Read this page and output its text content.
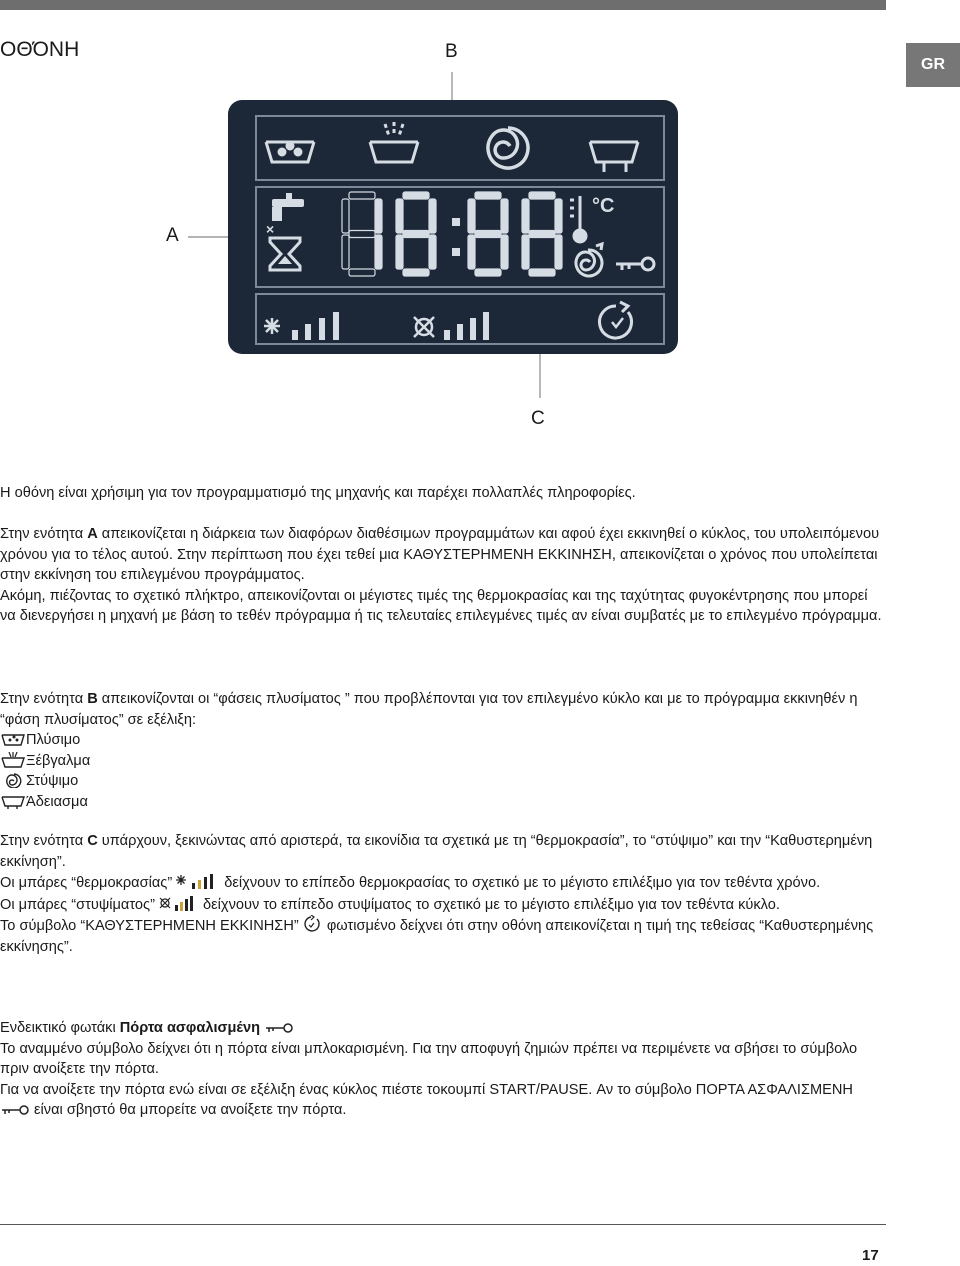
GR
ΟΘΌΝΗ
×
°C
B
A
C

Η οθόνη είναι χρήσιμη για τον προγραμματισμό της μηχανής και παρέχει πολλαπλές πληροφορίες.

Στην ενότητα A απεικονίζεται η διάρκεια των διαφόρων διαθέσιμων προγραμμάτων και αφού έχει εκκινηθεί ο κύκλος, του υπολειπόμενου χρόνου για το τέλος αυτού. Στην περίπτωση που έχει τεθεί μια ΚΑΘΥΣΤΕΡΗΜΕΝΗ ΕΚΚΙΝΗΣΗ, απεικονίζεται ο χρόνος που υπολείπεται στην εκκίνηση του επιλεγμένου προγράμματος.

Ακόμη, πιέζοντας το σχετικό πλήκτρο, απεικονίζονται οι μέγιστες τιμές της θερμοκρασίας και της ταχύτητας φυγοκέντρησης που μπορεί να διενεργήσει η μηχανή με βάση το τεθέν πρόγραμμα ή τις τελευταίες επιλεγμένες τιμές αν είναι συμβατές με το επιλεγμένο πρόγραμμα.

Στην ενότητα B απεικονίζονται οι “φάσεις πλυσίματος ” που προβλέπονται για τον επιλεγμένο κύκλο και με το πρόγραμμα εκκινηθέν η “φάση πλυσίματος” σε εξέλιξη:

Πλύσιμο

Ξέβγαλμα

Στύψιμο

Άδειασμα

Στην ενότητα C υπάρχουν, ξεκινώντας από αριστερά, τα εικονίδια τα σχετικά με τη “θερμοκρασία”, το “στύψιμο” και την “Καθυστερημένη εκκίνηση”.

Οι μπάρες “θερμοκρασίας”	δείχνουν το επίπεδο θερμοκρασίας το σχετικό με το μέγιστο επιλέξιμο για τον τεθέντα χρόνο.

Οι μπάρες “στυψίματος”	δείχνουν το επίπεδο στυψίματος το σχετικό με το μέγιστο επιλέξιμο για τον τεθέντα κύκλο.

Το σύμβολο “ΚΑΘΥΣΤΕΡΗΜΕΝΗ ΕΚΚΙΝΗΣΗ”  φωτισμένο δείχνει ότι στην οθόνη απεικονίζεται η τιμή της τεθείσας “Καθυστερημένης εκκίνησης”.

Ενδεικτικό φωτάκι Πόρτα ασφαλισμένη

Το αναμμένο σύμβολο δείχνει ότι η πόρτα είναι μπλοκαρισμένη. Για την αποφυγή ζημιών πρέπει να περιμένετε να σβήσει το σύμβολο πριν ανοίξετε την πόρτα.

Για να ανοίξετε την πόρτα ενώ είναι σε εξέλιξη ένας κύκλος πιέστε τοκουμπί START/PAUSE. Αν το σύμβολο ΠΟΡΤΑ ΑΣΦΑΛΙΣΜΕΝΗ  είναι σβηστό θα μπορείτε να ανοίξετε την πόρτα.

17
